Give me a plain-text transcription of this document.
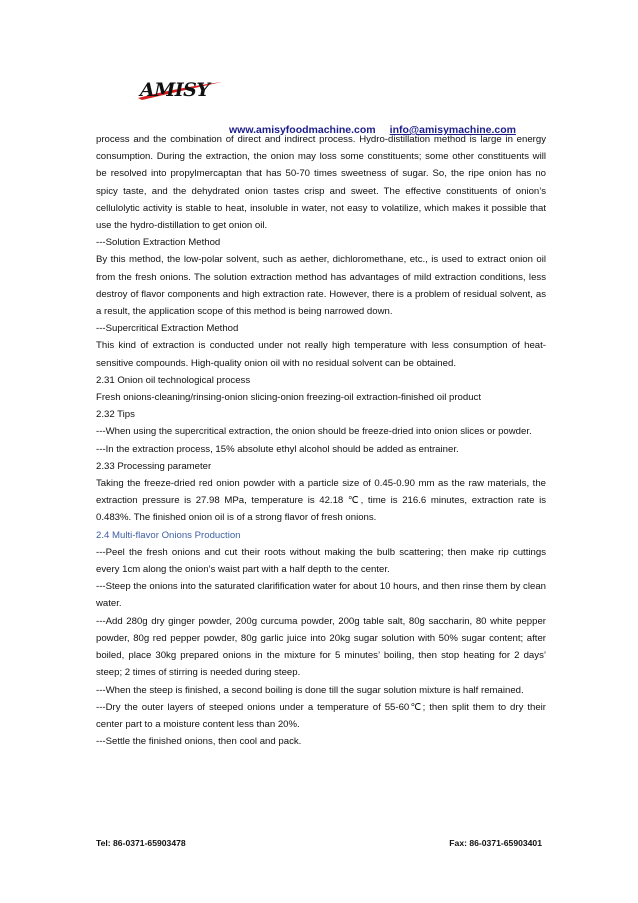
AMISY
www.amisyfoodmachine.com info@amisymachine.com

process and the combination of direct and indirect process. Hydro-distillation method is large in energy consumption. During the extraction, the onion may loss some constituents; some other constituents will be resolved into propylmercaptan that has 50-70 times sweetness of sugar. So, the ripe onion has no spicy taste, and the dehydrated onion tastes crisp and sweet. The effective constituents of onion’s cellulolytic activity is stable to heat, insoluble in water, not easy to volatilize, which makes it possible that use the hydro-distillation to get onion oil.

---Solution Extraction Method

By this method, the low-polar solvent, such as aether, dichloromethane, etc., is used to extract onion oil from the fresh onions. The solution extraction method has advantages of mild extraction conditions, less destroy of flavor components and high extraction rate. However, there is a problem of residual solvent, as a result, the application scope of this method is being narrowed down.

---Supercritical Extraction Method

This kind of extraction is conducted under not really high temperature with less consumption of heat-sensitive compounds. High-quality onion oil with no residual solvent can be obtained.

2.31 Onion oil technological process

Fresh onions-cleaning/rinsing-onion slicing-onion freezing-oil extraction-finished oil product

2.32 Tips

---When using the supercritical extraction, the onion should be freeze-dried into onion slices or powder.

---In the extraction process, 15% absolute ethyl alcohol should be added as entrainer.

2.33 Processing parameter

Taking the freeze-dried red onion powder with a particle size of 0.45-0.90 mm as the raw materials, the extraction pressure is 27.98 MPa, temperature is 42.18 ℃, time is 216.6 minutes, extraction rate is 0.483%. The finished onion oil is of a strong flavor of fresh onions.

2.4 Multi-flavor Onions Production

---Peel the fresh onions and cut their roots without making the bulb scattering; then make rip cuttings every 1cm along the onion’s waist part with a half depth to the center.

---Steep the onions into the saturated clarifification water for about 10 hours, and then rinse them by clean water.

---Add 280g dry ginger powder, 200g curcuma powder, 200g table salt, 80g saccharin, 80 white pepper powder, 80g red pepper powder, 80g garlic juice into 20kg sugar solution with 50% sugar content; after boiled, place 30kg prepared onions in the mixture for 5 minutes’ boiling, then stop heating for 2 days’ steep; 2 times of stirring is needed during steep.

---When the steep is finished, a second boiling is done till the sugar solution mixture is half remained.

---Dry the outer layers of steeped onions under a temperature of 55-60℃; then split them to dry their center part to a moisture content less than 20%.

---Settle the finished onions, then cool and pack.

Tel: 86-0371-65903478	Fax: 86-0371-65903401
